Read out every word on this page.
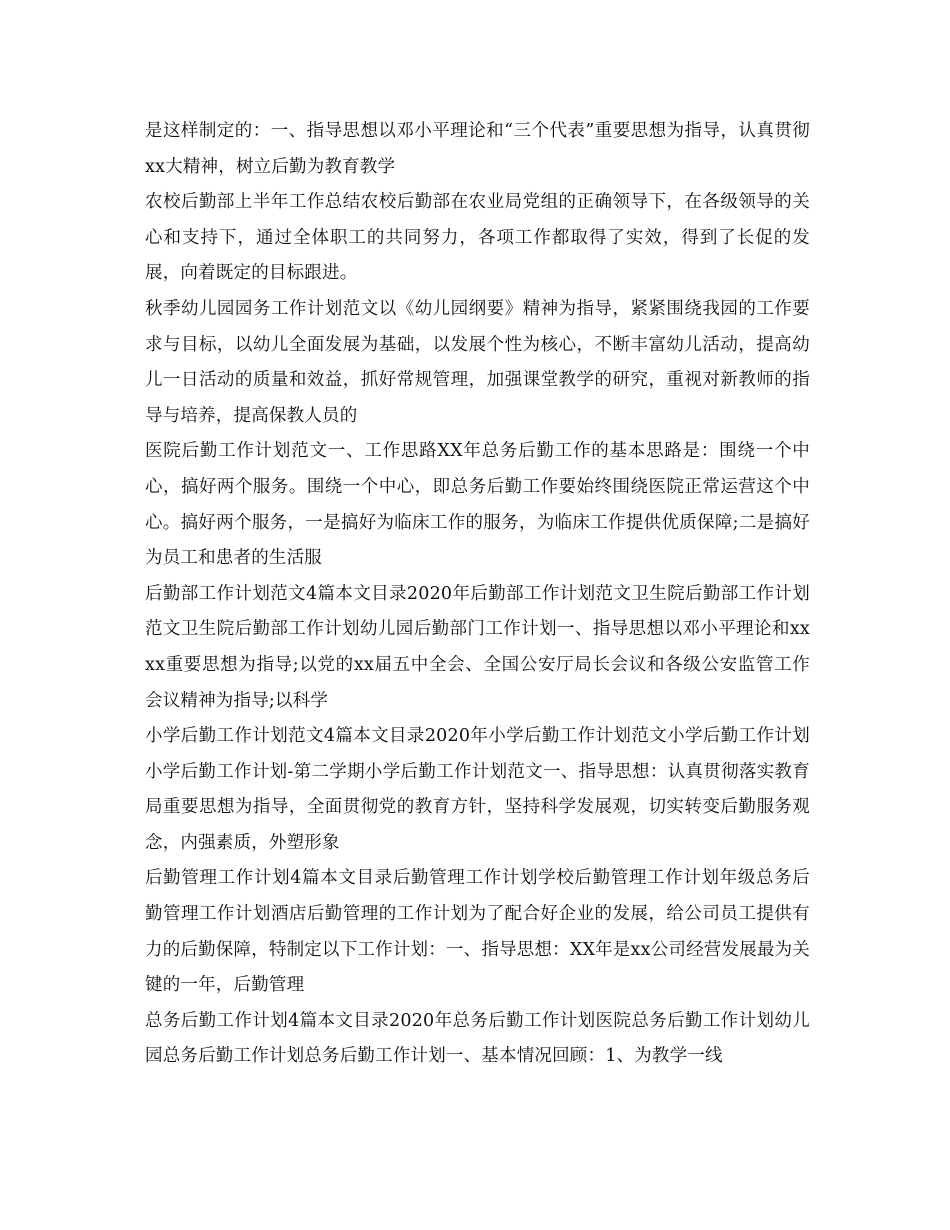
是这样制定的：一、指导思想以邓小平理论和“三个代表”重要思想为指导，认真贯彻xx大精神，树立后勤为教育教学

农校后勤部上半年工作总结农校后勤部在农业局党组的正确领导下，在各级领导的关心和支持下，通过全体职工的共同努力，各项工作都取得了实效，得到了长促的发展，向着既定的目标跟进。

秋季幼儿园园务工作计划范文以《幼儿园纲要》精神为指导，紧紧围绕我园的工作要求与目标，以幼儿全面发展为基础，以发展个性为核心，不断丰富幼儿活动，提高幼儿一日活动的质量和效益，抓好常规管理，加强课堂教学的研究，重视对新教师的指导与培养，提高保教人员的

医院后勤工作计划范文一、工作思路XX年总务后勤工作的基本思路是：围绕一个中心，搞好两个服务。围绕一个中心，即总务后勤工作要始终围绕医院正常运营这个中心。搞好两个服务，一是搞好为临床工作的服务，为临床工作提供优质保障;二是搞好为员工和患者的生活服

后勤部工作计划范文4篇本文目录2020年后勤部工作计划范文卫生院后勤部工作计划范文卫生院后勤部工作计划幼儿园后勤部门工作计划一、指导思想以邓小平理论和xxxx重要思想为指导;以党的xx届五中全会、全国公安厅局长会议和各级公安监管工作会议精神为指导;以科学

小学后勤工作计划范文4篇本文目录2020年小学后勤工作计划范文小学后勤工作计划小学后勤工作计划-第二学期小学后勤工作计划范文一、指导思想：认真贯彻落实教育局重要思想为指导，全面贯彻党的教育方针，坚持科学发展观，切实转变后勤服务观念，内强素质，外塑形象

后勤管理工作计划4篇本文目录后勤管理工作计划学校后勤管理工作计划年级总务后勤管理工作计划酒店后勤管理的工作计划为了配合好企业的发展，给公司员工提供有力的后勤保障，特制定以下工作计划：一、指导思想：XX年是xx公司经营发展最为关键的一年，后勤管理

总务后勤工作计划4篇本文目录2020年总务后勤工作计划医院总务后勤工作计划幼儿园总务后勤工作计划总务后勤工作计划一、基本情况回顾：1、为教学一线
